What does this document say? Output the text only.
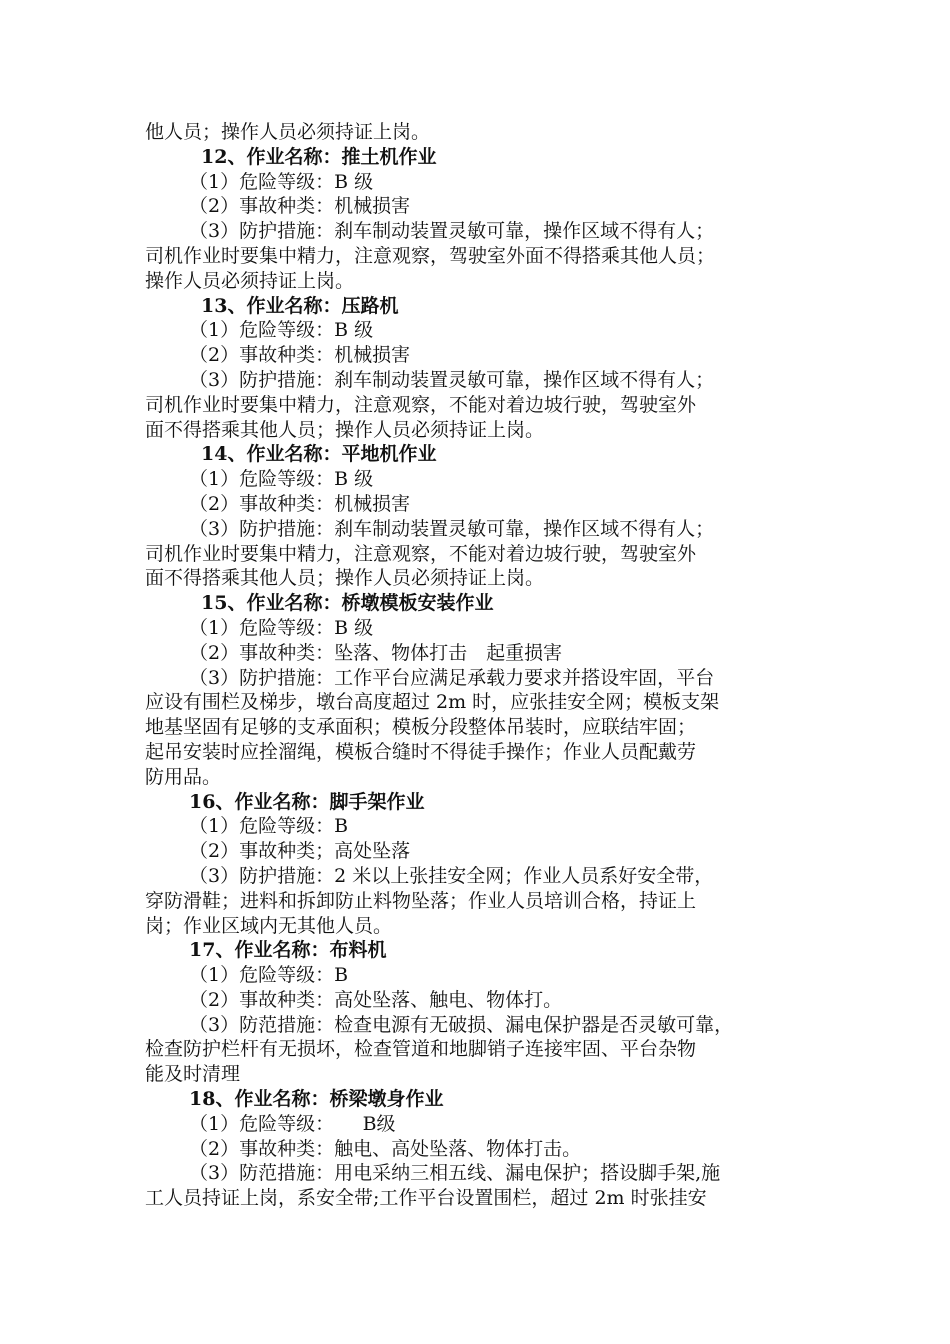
他人员；操作人员必须持证上岗。
12、作业名称：推土机作业
（1）危险等级：B 级
（2）事故种类：机械损害
（3）防护措施：刹车制动装置灵敏可靠，操作区域不得有人；
司机作业时要集中精力，注意观察，驾驶室外面不得搭乘其他人员；
操作人员必须持证上岗。
13、作业名称：压路机
（1）危险等级：B 级
（2）事故种类：机械损害
（3）防护措施：刹车制动装置灵敏可靠，操作区域不得有人；
司机作业时要集中精力，注意观察，不能对着边坡行驶，驾驶室外
面不得搭乘其他人员；操作人员必须持证上岗。
14、作业名称：平地机作业
（1）危险等级：B 级
（2）事故种类：机械损害
（3）防护措施：刹车制动装置灵敏可靠，操作区域不得有人；
司机作业时要集中精力，注意观察，不能对着边坡行驶，驾驶室外
面不得搭乘其他人员；操作人员必须持证上岗。
15、作业名称：桥墩模板安装作业
（1）危险等级：B 级
（2）事故种类：坠落、物体打击　起重损害
（3）防护措施：工作平台应满足承载力要求并搭设牢固，平台
应设有围栏及梯步，墩台高度超过 2m 时，应张挂安全网；模板支架
地基坚固有足够的支承面积；模板分段整体吊装时，应联结牢固；
起吊安装时应拴溜绳，模板合缝时不得徒手操作；作业人员配戴劳
防用品。
16、作业名称：脚手架作业
（1）危险等级：B
（2）事故种类；高处坠落
（3）防护措施：2 米以上张挂安全网；作业人员系好安全带，
穿防滑鞋；进料和拆卸防止料物坠落；作业人员培训合格，持证上
岗；作业区域内无其他人员。
17、作业名称：布料机
（1）危险等级：B
（2）事故种类：高处坠落、触电、物体打。
（3）防范措施：检查电源有无破损、漏电保护器是否灵敏可靠，
检查防护栏杆有无损坏，检查管道和地脚销子连接牢固、平台杂物
能及时清理
18、作业名称：桥梁墩身作业
（1）危险等级：　　B级
（2）事故种类：触电、高处坠落、物体打击。
（3）防范措施：用电采纳三相五线、漏电保护；搭设脚手架,施
工人员持证上岗，系安全带;工作平台设置围栏，超过 2m 时张挂安
